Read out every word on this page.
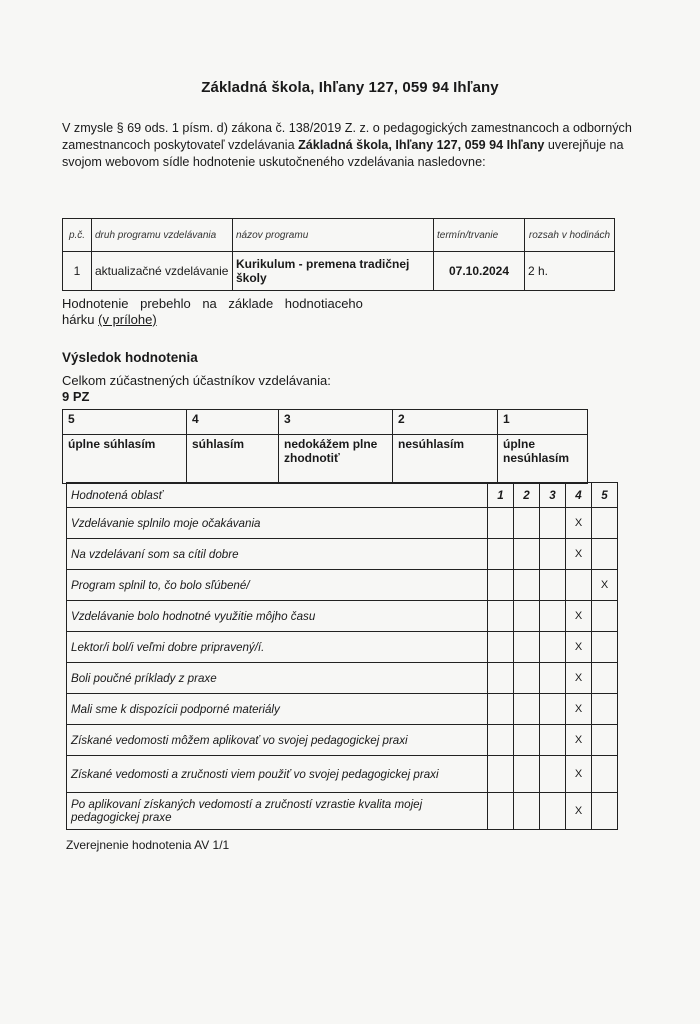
Základná škola, Ihľany 127, 059 94 Ihľany
V zmysle § 69 ods. 1 písm. d) zákona č. 138/2019 Z. z. o pedagogických zamestnancoch a odborných zamestnancoch poskytovateľ vzdelávania Základná škola, Ihľany 127, 059 94 Ihľany uverejňuje na svojom webovom sídle hodnotenie uskutočneného vzdelávania nasledovne:
p.č.	druh programu vzdelávania	názov programu	termín/trvanie	rozsah v hodinách
1	aktualizačné vzdelávanie	Kurikulum - premena tradičnej školy	07.10.2024	2 h.
Hodnotenie prebehlo na základe hodnotiaceho
hárku (v prílohe)
Výsledok hodnotenia
Celkom zúčastnených účastníkov vzdelávania:
9 PZ
5	4	3	2	1
úplne súhlasím	súhlasím	nedokážem plne zhodnotiť	nesúhlasím	úplne nesúhlasím
Hodnotená oblasť	1	2	3	4	5
Vzdelávanie splnilo moje očakávania				X	
Na vzdelávaní som sa cítil dobre				X	
Program splnil to, čo bolo sľúbené/					X
Vzdelávanie bolo hodnotné využitie môjho času				X	
Lektor/i bol/i veľmi dobre pripravený/í.				X	
Boli poučné príklady z praxe				X	
Mali sme k dispozícii podporné materiály				X	
Získané vedomosti môžem aplikovať vo svojej pedagogickej praxi				X	
Získané vedomosti a zručnosti viem použiť vo svojej pedagogickej praxi				X	
Po aplikovaní získaných vedomostí a zručností vzrastie kvalita mojej pedagogickej praxe				X	
Zverejnenie hodnotenia AV 1/1
